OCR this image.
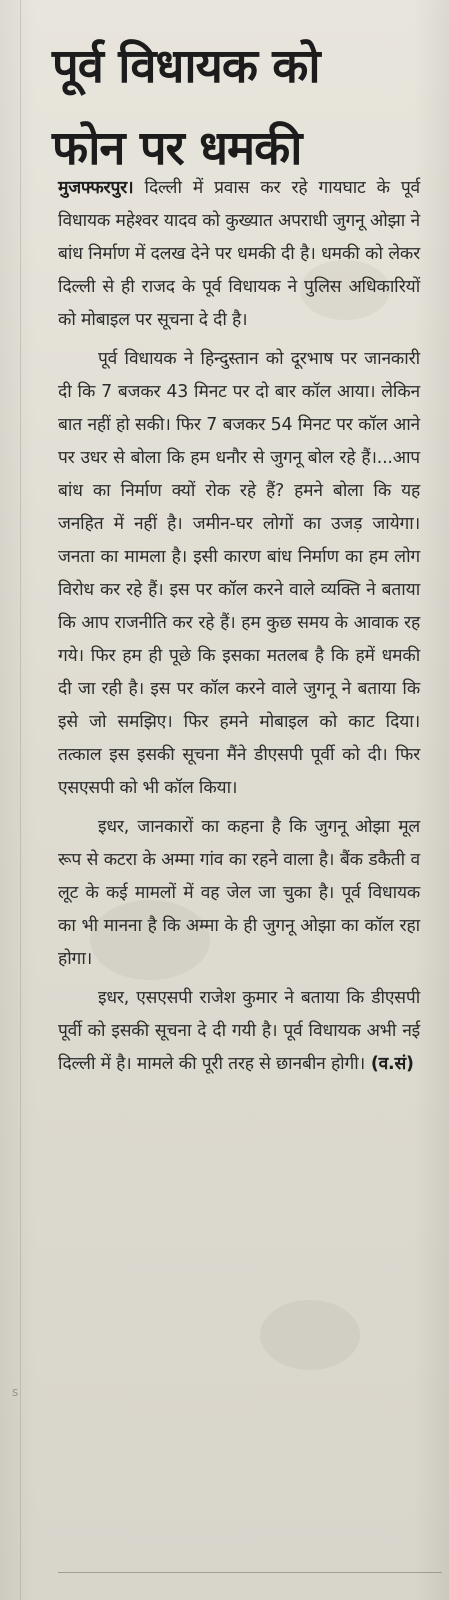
पूर्व विधायक को
फोन पर धमकी

मुजफ्फरपुर। दिल्ली में प्रवास कर रहे गायघाट के पूर्व विधायक महेश्वर यादव को कुख्यात अपराधी जुगनू ओझा ने बांध निर्माण में दलख देने पर धमकी दी है। धमकी को लेकर दिल्ली से ही राजद के पूर्व विधायक ने पुलिस अधिकारियों को मोबाइल पर सूचना दे दी है।

पूर्व विधायक ने हिन्दुस्तान को दूरभाष पर जानकारी दी कि 7 बजकर 43 मिनट पर दो बार कॉल आया। लेकिन बात नहीं हो सकी। फिर 7 बजकर 54 मिनट पर कॉल आने पर उधर से बोला कि हम धनौर से जुगनू बोल रहे हैं।...आप बांध का निर्माण क्यों रोक रहे हैं? हमने बोला कि यह जनहित में नहीं है। जमीन-घर लोगों का उजड़ जायेगा। जनता का मामला है। इसी कारण बांध निर्माण का हम लोग विरोध कर रहे हैं। इस पर कॉल करने वाले व्यक्ति ने बताया कि आप राजनीति कर रहे हैं। हम कुछ समय के आवाक रह गये। फिर हम ही पूछे कि इसका मतलब है कि हमें धमकी दी जा रही है। इस पर कॉल करने वाले जुगनू ने बताया कि इसे जो समझिए। फिर हमने मोबाइल को काट दिया। तत्काल इस इसकी सूचना मैंने डीएसपी पूर्वी को दी। फिर एसएसपी को भी कॉल किया।

इधर, जानकारों का कहना है कि जुगनू ओझा मूल रूप से कटरा के अम्मा गांव का रहने वाला है। बैंक डकैती व लूट के कई मामलों में वह जेल जा चुका है। पूर्व विधायक का भी मानना है कि अम्मा के ही जुगनू ओझा का कॉल रहा होगा।

इधर, एसएसपी राजेश कुमार ने बताया कि डीएसपी पूर्वी को इसकी सूचना दे दी गयी है। पूर्व विधायक अभी नई दिल्ली में है। मामले की पूरी तरह से छानबीन होगी। (व.सं)

s
